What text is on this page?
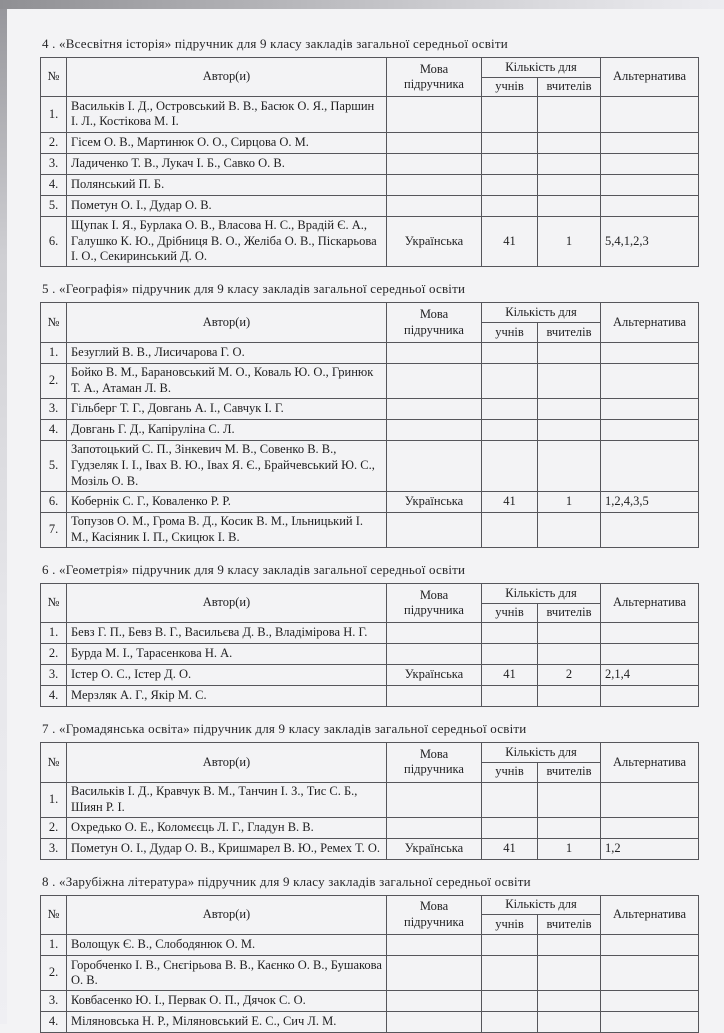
4 . «Всесвітня історія» підручник для 9 класу закладів загальної середньої освіти
№	Автор(и)	Мова підручника	Кількість для		Альтернатива
			учнів	вчителів	
1.	Васильків І. Д., Островський В. В., Басюк О. Я., Паршин І. Л., Костікова М. І.				
2.	Гісем О. В., Мартинюк О. О., Сирцова О. М.				
3.	Ладиченко Т. В., Лукач І. Б., Савко О. В.				
4.	Полянський П. Б.				
5.	Пометун О. І., Дудар О. В.				
6.	Щупак І. Я., Бурлака О. В., Власова Н. С., Врадій Є. А., Галушко К. Ю., Дрібниця В. О., Желіба О. В., Піскарьова І. О., Секиринський Д. О.	Українська	41	1	5,4,1,2,3
5 . «Географія» підручник для 9 класу закладів загальної середньої освіти
№	Автор(и)	Мова підручника	Кількість для		Альтернатива
			учнів	вчителів	
1.	Безуглий В. В., Лисичарова Г. О.				
2.	Бойко В. М., Барановський М. О., Коваль Ю. О., Гринюк Т. А., Атаман Л. В.				
3.	Гільберг Т. Г., Довгань А. І., Савчук І. Г.				
4.	Довгань Г. Д., Капіруліна С. Л.				
5.	Запотоцький С. П., Зінкевич М. В., Совенко В. В., Гудзеляк І. І., Івах В. Ю., Івах Я. Є., Брайчевський Ю. С., Мозіль О. В.				
6.	Кобернік С. Г., Коваленко Р. Р.	Українська	41	1	1,2,4,3,5
7.	Топузов О. М., Грома В. Д., Косик В. М., Ільницький І. М., Касіяник І. П., Скицюк І. В.				
6 . «Геометрія» підручник для 9 класу закладів загальної середньої освіти
№	Автор(и)	Мова підручника	Кількість для		Альтернатива
			учнів	вчителів	
1.	Бевз Г. П., Бевз В. Г., Васильєва Д. В., Владімірова Н. Г.				
2.	Бурда М. І., Тарасенкова Н. А.				
3.	Істер О. С., Істер Д. О.	Українська	41	2	2,1,4
4.	Мерзляк А. Г., Якір М. С.				
7 . «Громадянська освіта» підручник для 9 класу закладів загальної середньої освіти
№	Автор(и)	Мова підручника	Кількість для		Альтернатива
			учнів	вчителів	
1.	Васильків І. Д., Кравчук В. М., Танчин І. З., Тис С. Б., Шиян Р. І.				
2.	Охредько О. Е., Коломєєць Л. Г., Гладун В. В.				
3.	Пометун О. І., Дудар О. В., Кришмарел В. Ю., Ремех Т. О.	Українська	41	1	1,2
8 . «Зарубіжна література» підручник для 9 класу закладів загальної середньої освіти
№	Автор(и)	Мова підручника	Кількість для		Альтернатива
			учнів	вчителів	
1.	Волощук Є. В., Слободянюк О. М.				
2.	Горобченко І. В., Снєгірьова В. В., Каєнко О. В., Бушакова О. В.				
3.	Ковбасенко Ю. І., Первак О. П., Дячок С. О.				
4.	Міляновська Н. Р., Міляновський Е. С., Сич Л. М.				
